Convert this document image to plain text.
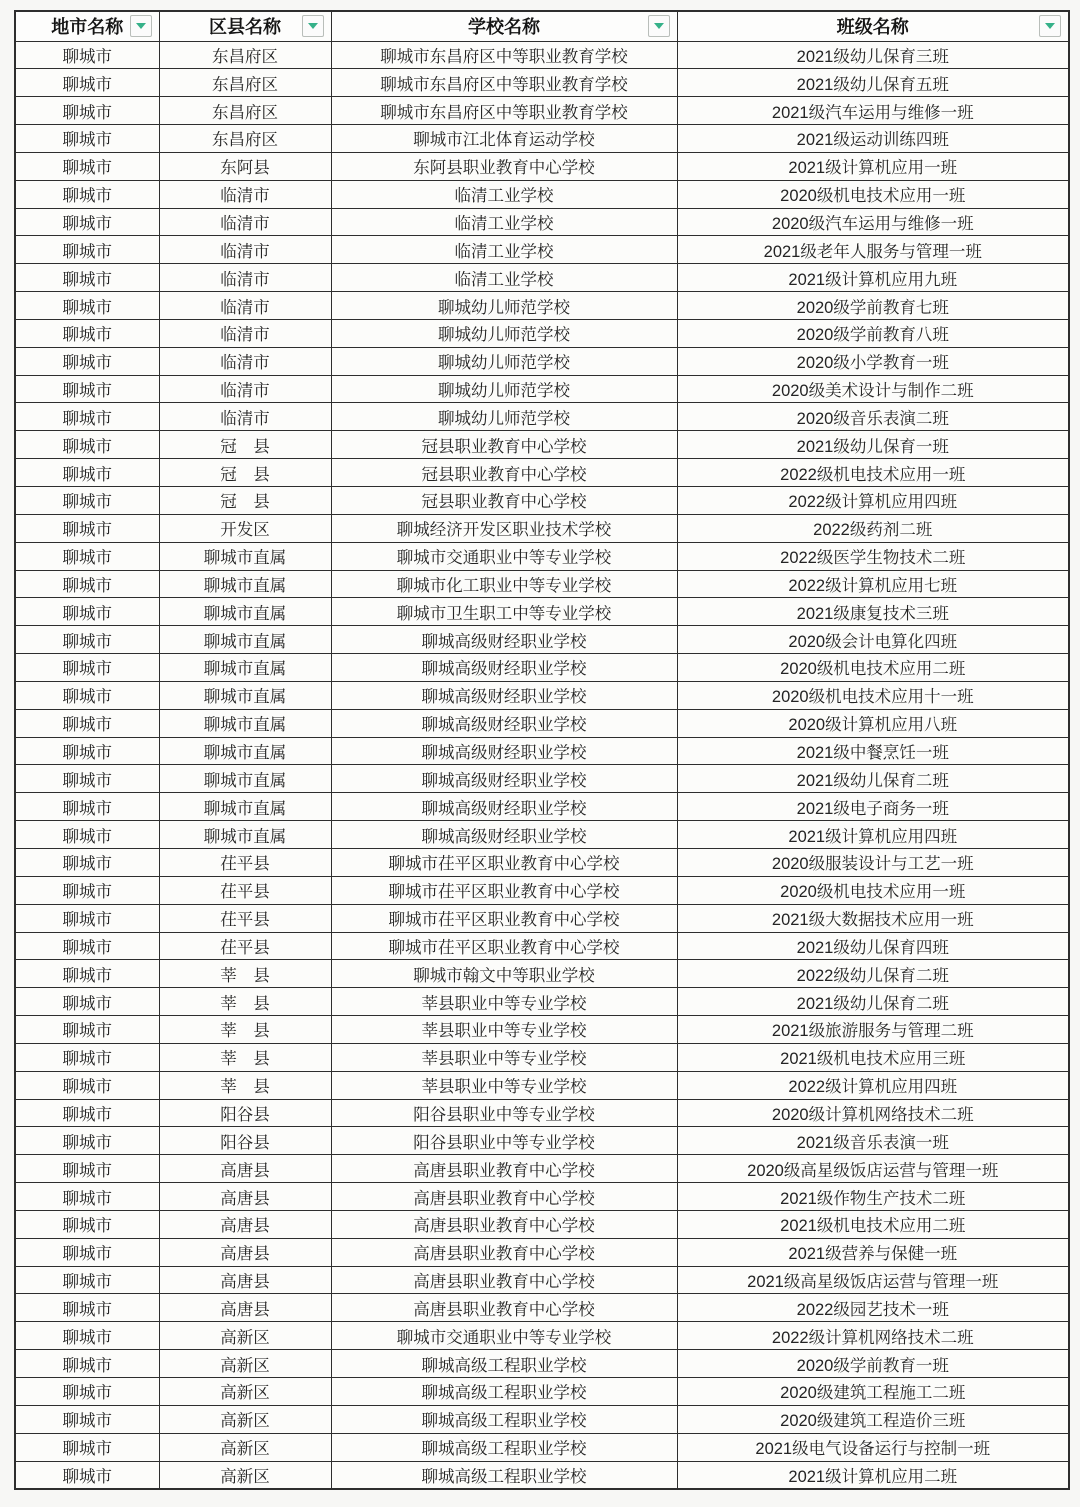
地市名称	区县名称	学校名称	班级名称

聊城市	东昌府区	聊城市东昌府区中等职业教育学校	2021级幼儿保育三班
聊城市	东昌府区	聊城市东昌府区中等职业教育学校	2021级幼儿保育五班
聊城市	东昌府区	聊城市东昌府区中等职业教育学校	2021级汽车运用与维修一班
聊城市	东昌府区	聊城市江北体育运动学校	2021级运动训练四班
聊城市	东阿县	东阿县职业教育中心学校	2021级计算机应用一班
聊城市	临清市	临清工业学校	2020级机电技术应用一班
聊城市	临清市	临清工业学校	2020级汽车运用与维修一班
聊城市	临清市	临清工业学校	2021级老年人服务与管理一班
聊城市	临清市	临清工业学校	2021级计算机应用九班
聊城市	临清市	聊城幼儿师范学校	2020级学前教育七班
聊城市	临清市	聊城幼儿师范学校	2020级学前教育八班
聊城市	临清市	聊城幼儿师范学校	2020级小学教育一班
聊城市	临清市	聊城幼儿师范学校	2020级美术设计与制作二班
聊城市	临清市	聊城幼儿师范学校	2020级音乐表演二班
聊城市	冠　县	冠县职业教育中心学校	2021级幼儿保育一班
聊城市	冠　县	冠县职业教育中心学校	2022级机电技术应用一班
聊城市	冠　县	冠县职业教育中心学校	2022级计算机应用四班
聊城市	开发区	聊城经济开发区职业技术学校	2022级药剂二班
聊城市	聊城市直属	聊城市交通职业中等专业学校	2022级医学生物技术二班
聊城市	聊城市直属	聊城市化工职业中等专业学校	2022级计算机应用七班
聊城市	聊城市直属	聊城市卫生职工中等专业学校	2021级康复技术三班
聊城市	聊城市直属	聊城高级财经职业学校	2020级会计电算化四班
聊城市	聊城市直属	聊城高级财经职业学校	2020级机电技术应用二班
聊城市	聊城市直属	聊城高级财经职业学校	2020级机电技术应用十一班
聊城市	聊城市直属	聊城高级财经职业学校	2020级计算机应用八班
聊城市	聊城市直属	聊城高级财经职业学校	2021级中餐烹饪一班
聊城市	聊城市直属	聊城高级财经职业学校	2021级幼儿保育二班
聊城市	聊城市直属	聊城高级财经职业学校	2021级电子商务一班
聊城市	聊城市直属	聊城高级财经职业学校	2021级计算机应用四班
聊城市	茌平县	聊城市茌平区职业教育中心学校	2020级服装设计与工艺一班
聊城市	茌平县	聊城市茌平区职业教育中心学校	2020级机电技术应用一班
聊城市	茌平县	聊城市茌平区职业教育中心学校	2021级大数据技术应用一班
聊城市	茌平县	聊城市茌平区职业教育中心学校	2021级幼儿保育四班
聊城市	莘　县	聊城市翰文中等职业学校	2022级幼儿保育二班
聊城市	莘　县	莘县职业中等专业学校	2021级幼儿保育二班
聊城市	莘　县	莘县职业中等专业学校	2021级旅游服务与管理二班
聊城市	莘　县	莘县职业中等专业学校	2021级机电技术应用三班
聊城市	莘　县	莘县职业中等专业学校	2022级计算机应用四班
聊城市	阳谷县	阳谷县职业中等专业学校	2020级计算机网络技术二班
聊城市	阳谷县	阳谷县职业中等专业学校	2021级音乐表演一班
聊城市	高唐县	高唐县职业教育中心学校	2020级高星级饭店运营与管理一班
聊城市	高唐县	高唐县职业教育中心学校	2021级作物生产技术二班
聊城市	高唐县	高唐县职业教育中心学校	2021级机电技术应用二班
聊城市	高唐县	高唐县职业教育中心学校	2021级营养与保健一班
聊城市	高唐县	高唐县职业教育中心学校	2021级高星级饭店运营与管理一班
聊城市	高唐县	高唐县职业教育中心学校	2022级园艺技术一班
聊城市	高新区	聊城市交通职业中等专业学校	2022级计算机网络技术二班
聊城市	高新区	聊城高级工程职业学校	2020级学前教育一班
聊城市	高新区	聊城高级工程职业学校	2020级建筑工程施工二班
聊城市	高新区	聊城高级工程职业学校	2020级建筑工程造价三班
聊城市	高新区	聊城高级工程职业学校	2021级电气设备运行与控制一班
聊城市	高新区	聊城高级工程职业学校	2021级计算机应用二班
